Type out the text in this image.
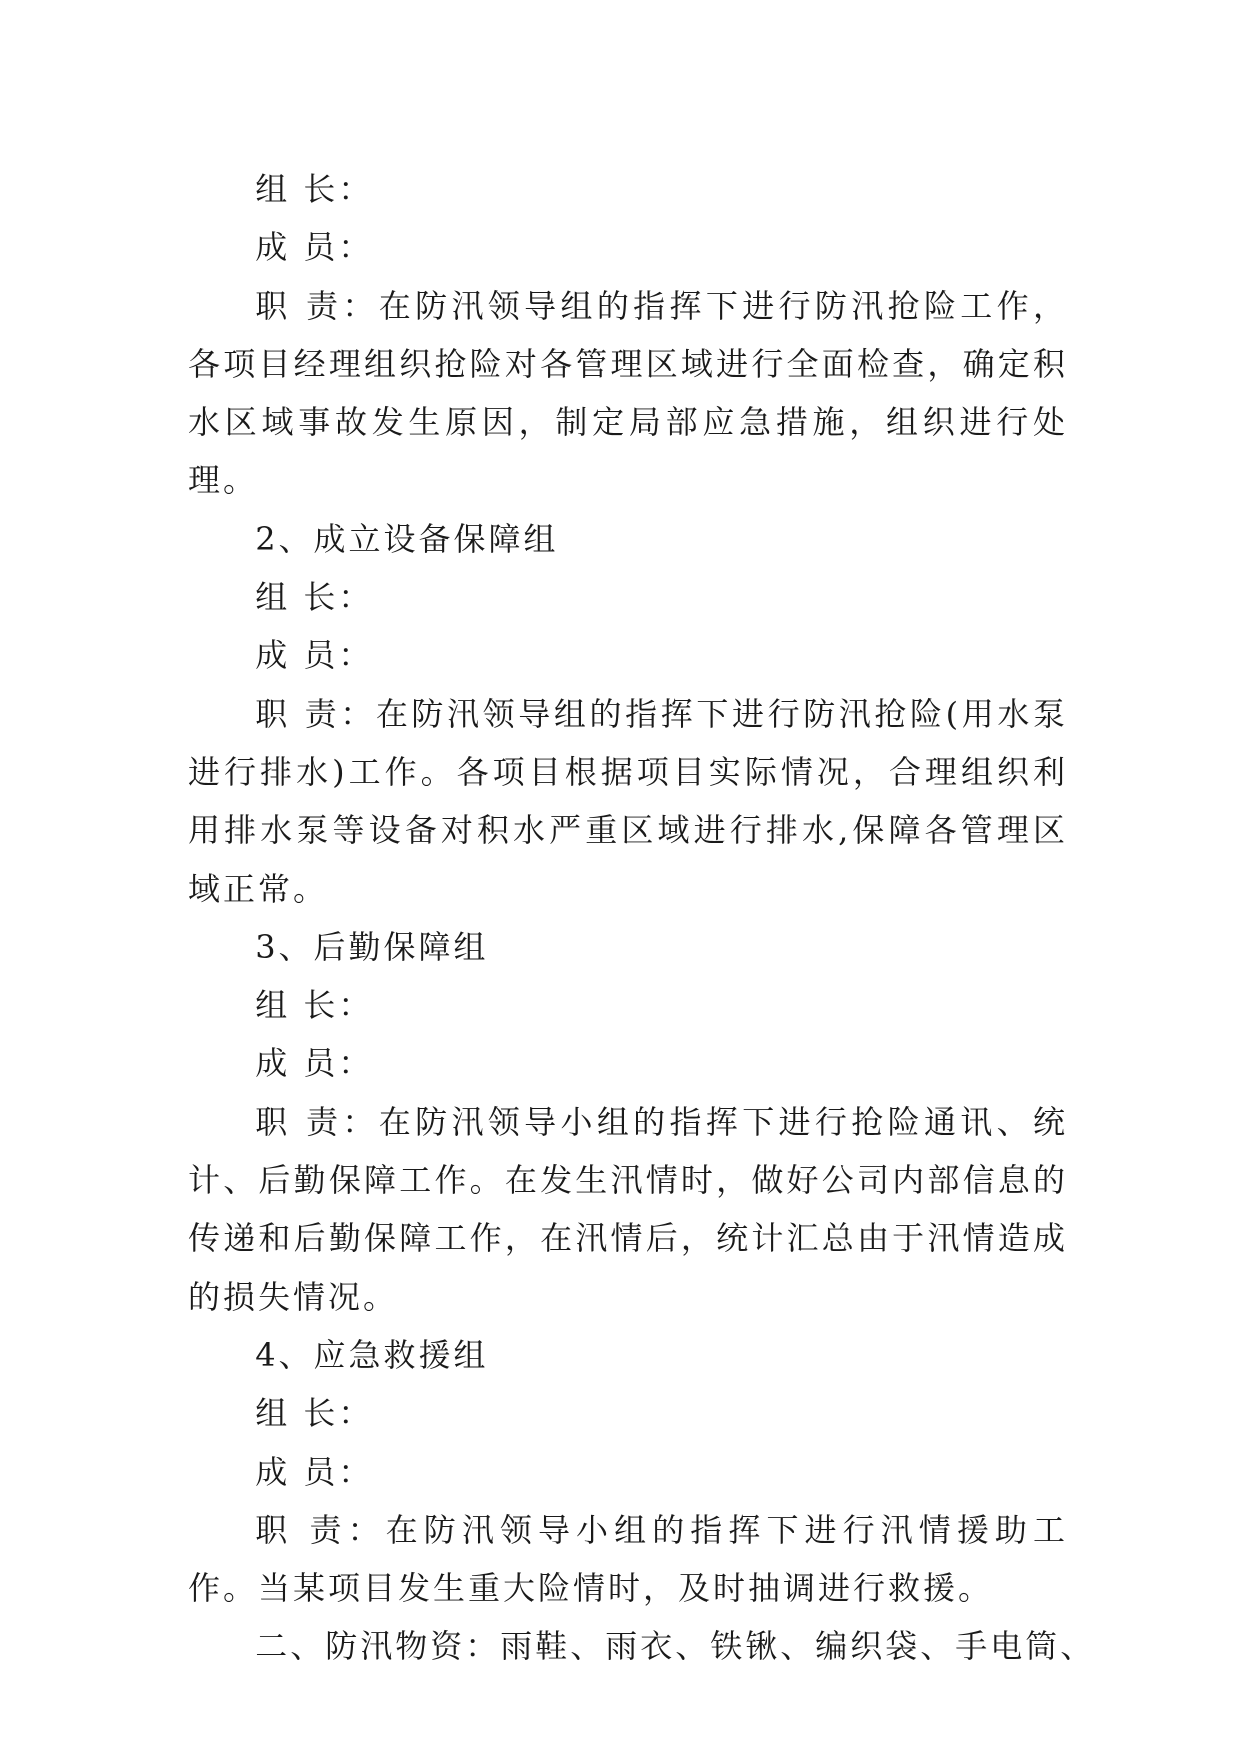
组 长：

成 员：

职 责：在防汛领导组的指挥下进行防汛抢险工作，各项目经理组织抢险对各管理区域进行全面检查，确定积水区域事故发生原因，制定局部应急措施，组织进行处理。

2、成立设备保障组

组 长：

成 员：

职 责：在防汛领导组的指挥下进行防汛抢险(用水泵进行排水)工作。各项目根据项目实际情况，合理组织利用排水泵等设备对积水严重区域进行排水,保障各管理区域正常。

3、后勤保障组

组 长：

成 员：

职 责：在防汛领导小组的指挥下进行抢险通讯、统计、后勤保障工作。在发生汛情时，做好公司内部信息的传递和后勤保障工作，在汛情后，统计汇总由于汛情造成的损失情况。

4、应急救援组

组 长：

成 员：

职 责：在防汛领导小组的指挥下进行汛情援助工作。当某项目发生重大险情时，及时抽调进行救援。

二、防汛物资：雨鞋、雨衣、铁锹、编织袋、手电筒、
